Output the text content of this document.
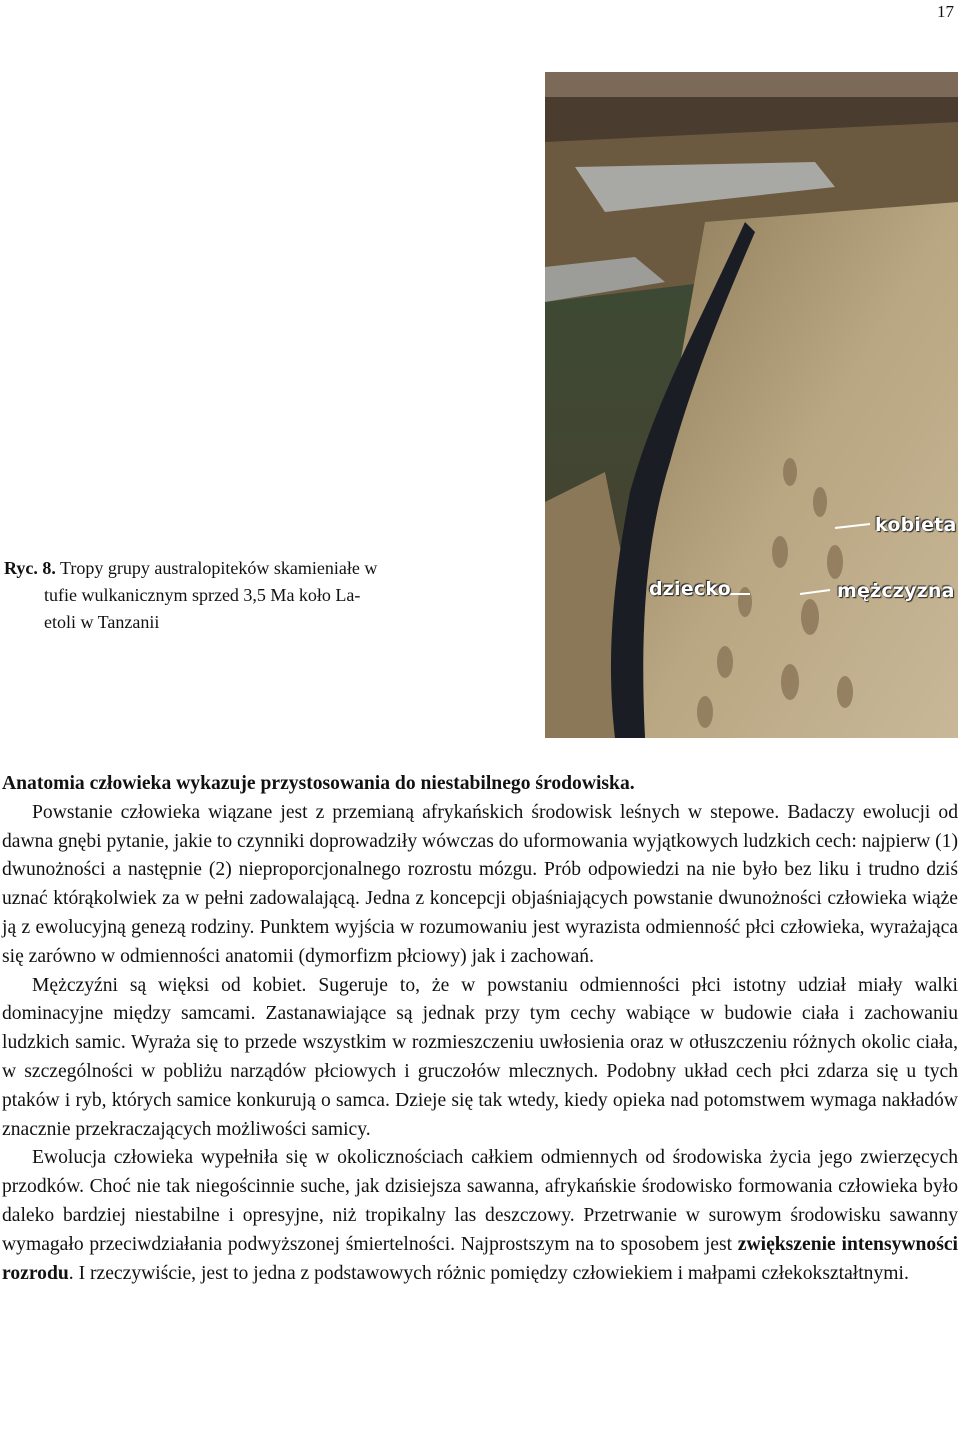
17
Ryc. 8. Tropy grupy australopiteków skamieniałe w
tufie wulkanicznym sprzed 3,5 Ma koło La-
etoli w Tanzanii
kobieta
dziecko	mężczyzna

Anatomia człowieka wykazuje przystosowania do niestabilnego środowiska.

Powstanie człowieka wiązane jest z przemianą afrykańskich środowisk leśnych w stepowe. Badaczy ewolucji od dawna gnębi pytanie, jakie to czynniki doprowadziły wówczas do uformowania wyjątkowych ludzkich cech: najpierw (1) dwunożności a następnie (2) nieproporcjonalnego rozrostu mózgu. Prób odpowiedzi na nie było bez liku i trudno dziś uznać którąkolwiek za w pełni zadowalającą. Jedna z koncepcji objaśniających powstanie dwunożności człowieka wiąże ją z ewolucyjną genezą rodziny. Punktem wyjścia w rozumowaniu jest wyrazista odmienność płci człowieka, wyrażająca się zarówno w odmienności anatomii (dymorfizm płciowy) jak i zachowań.

Mężczyźni są więksi od kobiet. Sugeruje to, że w powstaniu odmienności płci istotny udział miały walki dominacyjne między samcami. Zastanawiające są jednak przy tym cechy wabiące w budowie ciała i zachowaniu ludzkich samic. Wyraża się to przede wszystkim w rozmieszczeniu uwłosienia oraz w otłuszczeniu różnych okolic ciała, w szczególności w pobliżu narządów płciowych i gruczołów mlecznych. Podobny układ cech płci zdarza się u tych ptaków i ryb, których samice konkurują o samca. Dzieje się tak wtedy, kiedy opieka nad potomstwem wymaga nakładów znacznie przekraczających możliwości samicy.

Ewolucja człowieka wypełniła się w okolicznościach całkiem odmiennych od środowiska życia jego zwierzęcych przodków. Choć nie tak niegościnnie suche, jak dzisiejsza sawanna, afrykańskie środowisko formowania człowieka było daleko bardziej niestabilne i opresyjne, niż tropikalny las deszczowy. Przetrwanie w surowym środowisku sawanny wymagało przeciwdziałania podwyższonej śmiertelności. Najprostszym na to sposobem jest zwiększenie intensywności rozrodu. I rzeczywiście, jest to jedna z podstawowych różnic pomiędzy człowiekiem i małpami człekokształtnymi.
